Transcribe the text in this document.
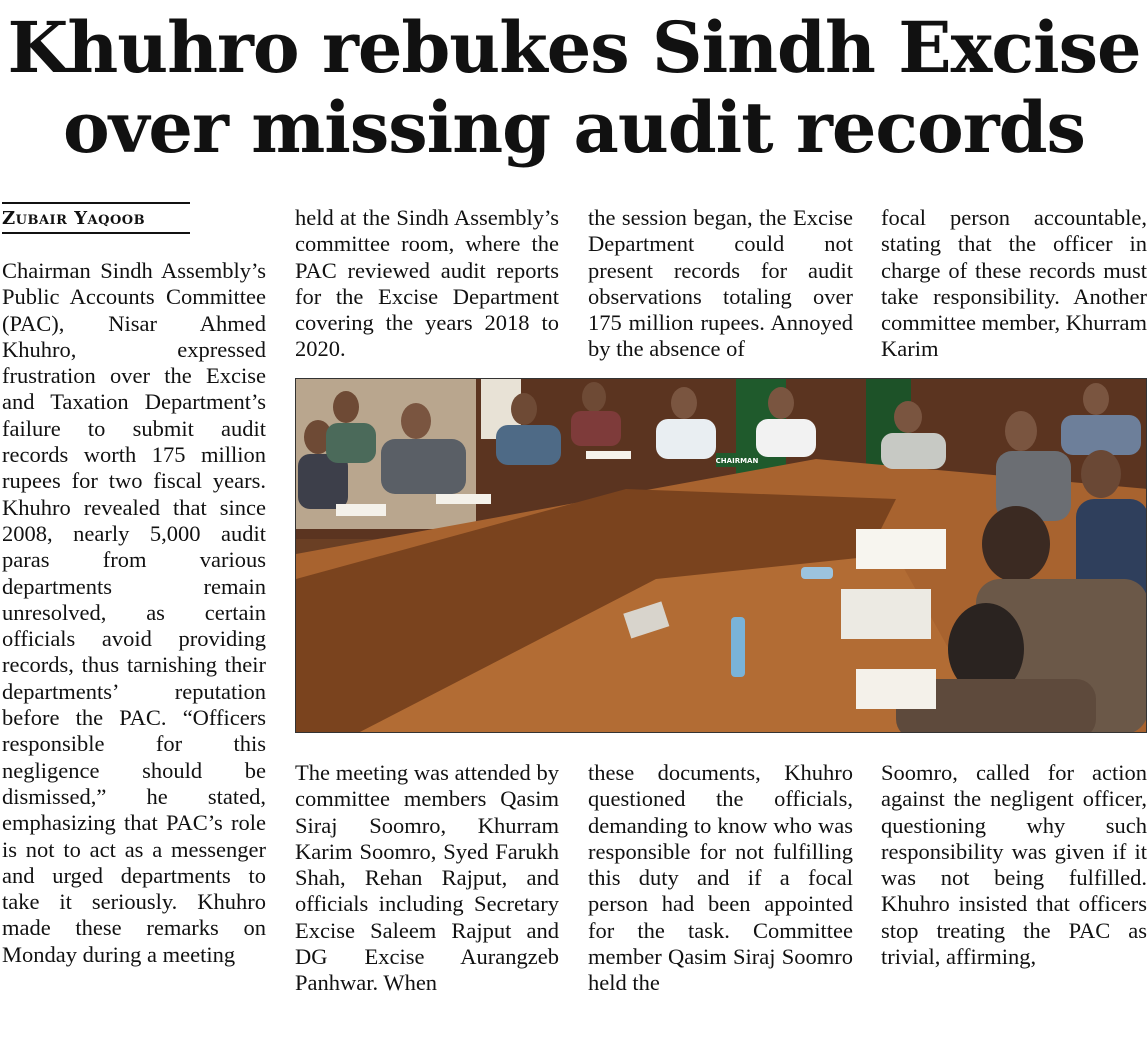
Khuhro rebukes Sindh Excise
over missing audit records
Zubair Yaqoob
Chairman Sindh Assembly’s Public Accounts Committee (PAC), Nisar Ahmed Khuhro, expressed frustration over the Excise and Taxation Department’s failure to submit audit records worth 175 million rupees for two fiscal years. Khuhro revealed that since 2008, nearly 5,000 audit paras from various departments remain unresolved, as certain officials avoid providing records, thus tarnishing their departments’ reputation before the PAC. “Officers responsible for this negligence should be dismissed,” he stated, emphasizing that PAC’s role is not to act as a messenger and urged departments to take it seriously. Khuhro made these remarks on Monday during a meeting
held at the Sindh Assembly’s committee room, where the PAC reviewed audit reports for the Excise Department covering the years 2018 to 2020.
the session began, the Excise Department could not present records for audit observations totaling over 175 million rupees. Annoyed by the absence of
focal person accountable, stating that the officer in charge of these records must take responsibility. Another committee member, Khurram Karim
CHAIRMAN
The meeting was attended by committee members Qasim Siraj Soomro, Khurram Karim Soomro, Syed Farukh Shah, Rehan Rajput, and officials including Secretary Excise Saleem Rajput and DG Excise Aurangzeb Panhwar. When
these documents, Khuhro questioned the officials, demanding to know who was responsible for not fulfilling this duty and if a focal person had been appointed for the task. Committee member Qasim Siraj Soomro held the
Soomro, called for action against the negligent officer, questioning why such responsibility was given if it was not being fulfilled. Khuhro insisted that officers stop treating the PAC as trivial, affirming,
